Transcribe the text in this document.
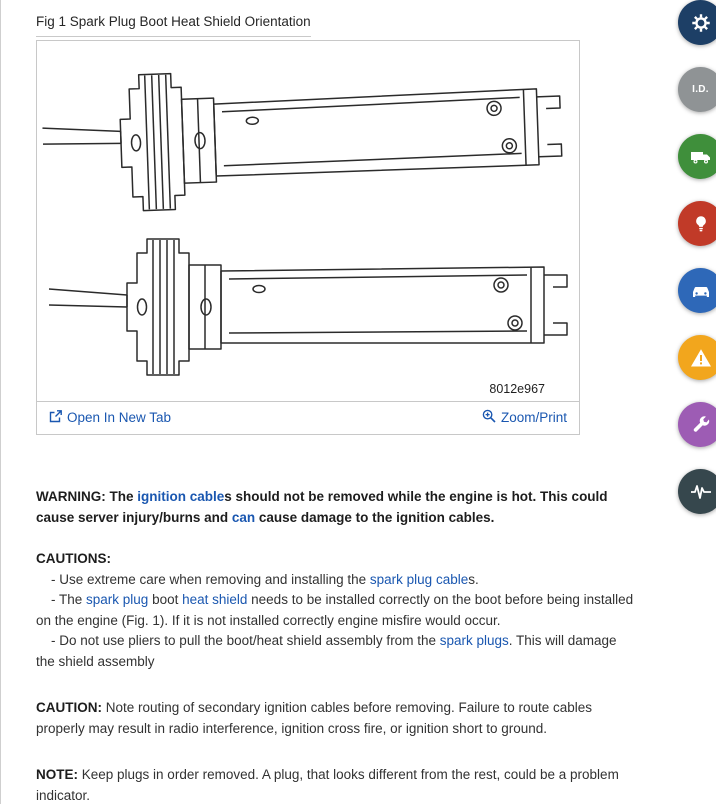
Fig 1 Spark Plug Boot Heat Shield Orientation
8012e967
Open In New Tab	Zoom/Print

WARNING: The ignition cables should not be removed while the engine is hot. This could cause server injury/burns and can cause damage to the ignition cables.

CAUTIONS:

- Use extreme care when removing and installing the spark plug cables.

- The spark plug boot heat shield needs to be installed correctly on the boot before being installed on the engine (Fig. 1). If it is not installed correctly engine misfire would occur.

- Do not use pliers to pull the boot/heat shield assembly from the spark plugs. This will damage the shield assembly

CAUTION: Note routing of secondary ignition cables before removing. Failure to route cables properly may result in radio interference, ignition cross fire, or ignition short to ground.

NOTE: Keep plugs in order removed. A plug, that looks different from the rest, could be a problem indicator.

I.D.
